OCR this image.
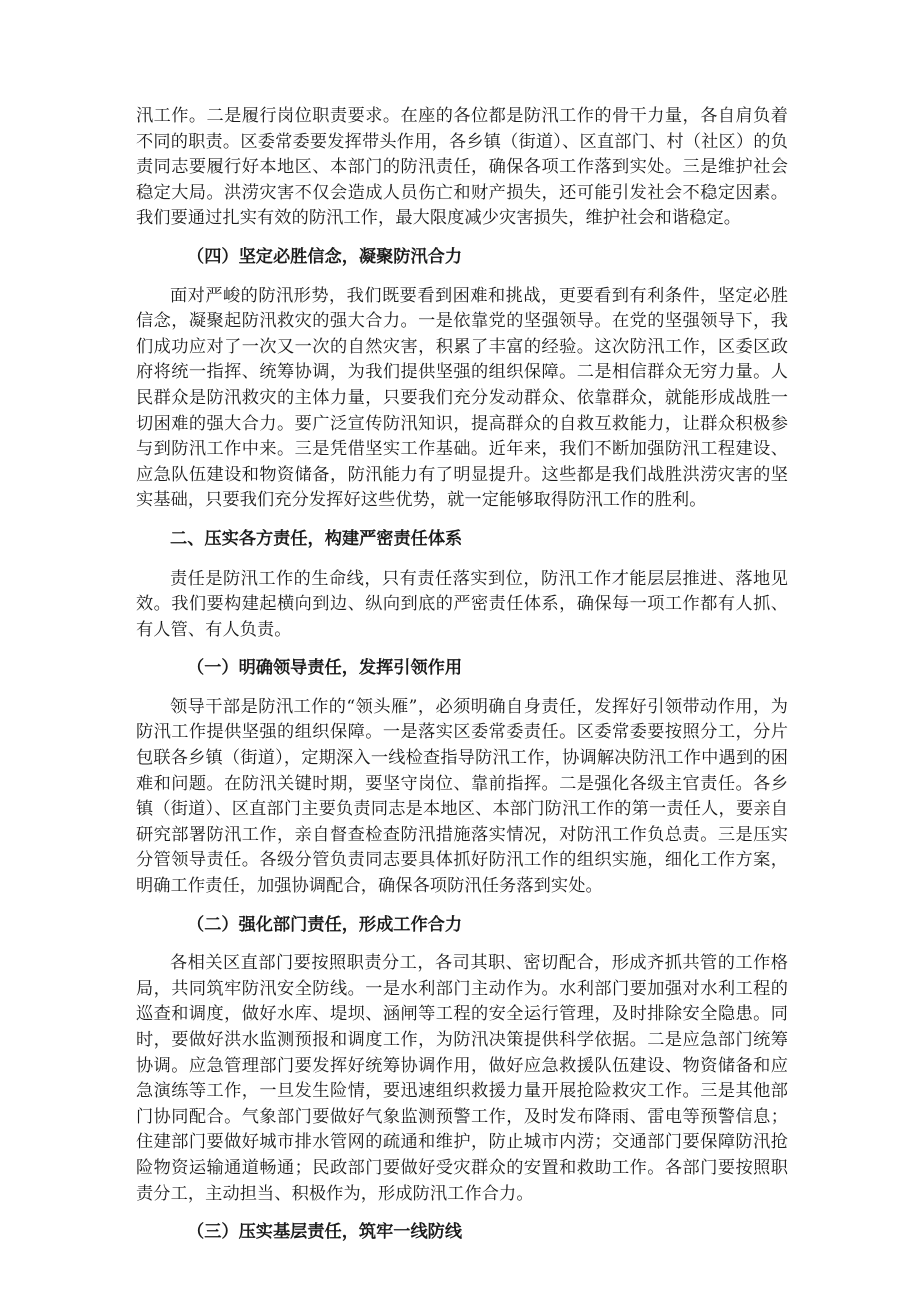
汛工作。二是履行岗位职责要求。在座的各位都是防汛工作的骨干力量，各自肩负着不同的职责。区委常委要发挥带头作用，各乡镇（街道）、区直部门、村（社区）的负责同志要履行好本地区、本部门的防汛责任，确保各项工作落到实处。三是维护社会稳定大局。洪涝灾害不仅会造成人员伤亡和财产损失，还可能引发社会不稳定因素。我们要通过扎实有效的防汛工作，最大限度减少灾害损失，维护社会和谐稳定。

（四）坚定必胜信念，凝聚防汛合力

面对严峻的防汛形势，我们既要看到困难和挑战，更要看到有利条件，坚定必胜信念，凝聚起防汛救灾的强大合力。一是依靠党的坚强领导。在党的坚强领导下，我们成功应对了一次又一次的自然灾害，积累了丰富的经验。这次防汛工作，区委区政府将统一指挥、统筹协调，为我们提供坚强的组织保障。二是相信群众无穷力量。人民群众是防汛救灾的主体力量，只要我们充分发动群众、依靠群众，就能形成战胜一切困难的强大合力。要广泛宣传防汛知识，提高群众的自救互救能力，让群众积极参与到防汛工作中来。三是凭借坚实工作基础。近年来，我们不断加强防汛工程建设、应急队伍建设和物资储备，防汛能力有了明显提升。这些都是我们战胜洪涝灾害的坚实基础，只要我们充分发挥好这些优势，就一定能够取得防汛工作的胜利。

二、压实各方责任，构建严密责任体系

责任是防汛工作的生命线，只有责任落实到位，防汛工作才能层层推进、落地见效。我们要构建起横向到边、纵向到底的严密责任体系，确保每一项工作都有人抓、有人管、有人负责。

（一）明确领导责任，发挥引领作用

领导干部是防汛工作的“领头雁”，必须明确自身责任，发挥好引领带动作用，为防汛工作提供坚强的组织保障。一是落实区委常委责任。区委常委要按照分工，分片包联各乡镇（街道），定期深入一线检查指导防汛工作，协调解决防汛工作中遇到的困难和问题。在防汛关键时期，要坚守岗位、靠前指挥。二是强化各级主官责任。各乡镇（街道）、区直部门主要负责同志是本地区、本部门防汛工作的第一责任人，要亲自研究部署防汛工作，亲自督查检查防汛措施落实情况，对防汛工作负总责。三是压实分管领导责任。各级分管负责同志要具体抓好防汛工作的组织实施，细化工作方案，明确工作责任，加强协调配合，确保各项防汛任务落到实处。

（二）强化部门责任，形成工作合力

各相关区直部门要按照职责分工，各司其职、密切配合，形成齐抓共管的工作格局，共同筑牢防汛安全防线。一是水利部门主动作为。水利部门要加强对水利工程的巡查和调度，做好水库、堤坝、涵闸等工程的安全运行管理，及时排除安全隐患。同时，要做好洪水监测预报和调度工作，为防汛决策提供科学依据。二是应急部门统筹协调。应急管理部门要发挥好统筹协调作用，做好应急救援队伍建设、物资储备和应急演练等工作，一旦发生险情，要迅速组织救援力量开展抢险救灾工作。三是其他部门协同配合。气象部门要做好气象监测预警工作，及时发布降雨、雷电等预警信息；住建部门要做好城市排水管网的疏通和维护，防止城市内涝；交通部门要保障防汛抢险物资运输通道畅通；民政部门要做好受灾群众的安置和救助工作。各部门要按照职责分工，主动担当、积极作为，形成防汛工作合力。

（三）压实基层责任，筑牢一线防线
